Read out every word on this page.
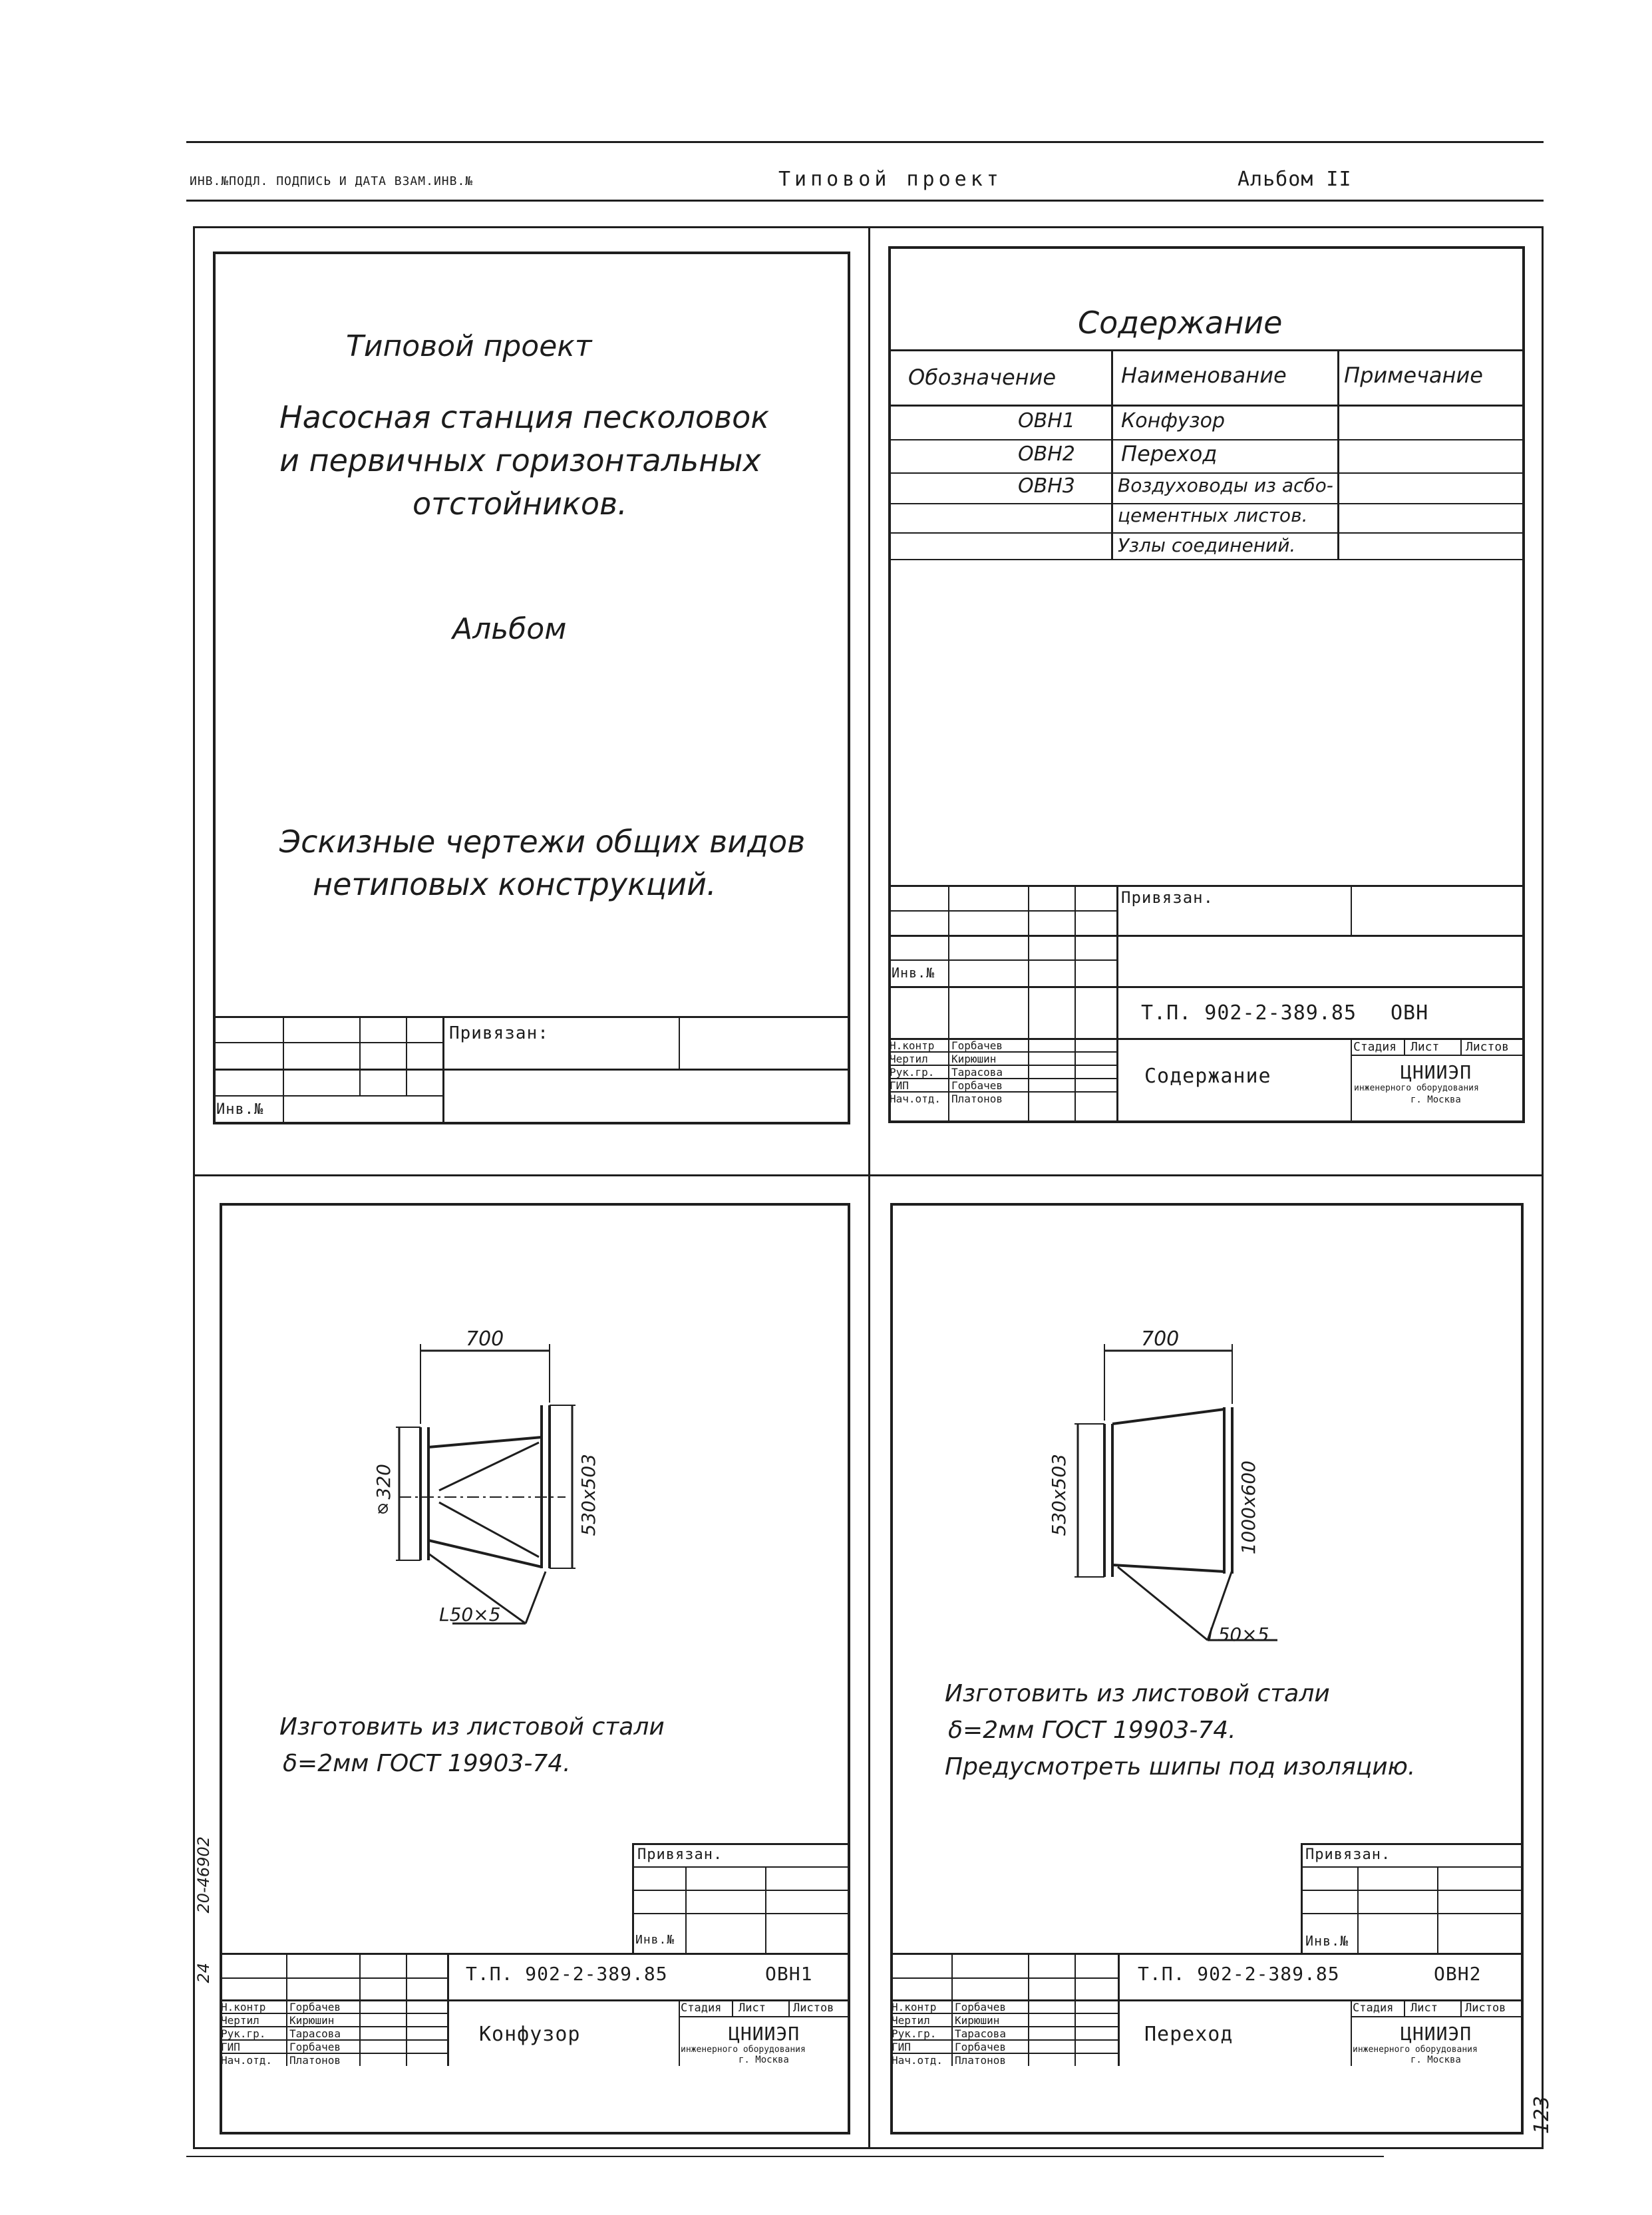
ИНВ.№ПОДЛ. ПОДПИСЬ И ДАТА ВЗАМ.ИНВ.№	Типовой проект	Альбом II
Типовой проект
Насосная станция песколовок
и первичных горизонтальных
отстойников.
Альбом
Эскизные чертежи общих видов
нетиповых конструкций.
Привязан:
Инв.№
Содержание
Обозначение	Наименование	Примечание
ОВН1 Конфузор
ОВН2 Переход
ОВН3 Воздуховоды из асбо-
цементных листов.
Узлы соединений.
Привязан.
Инв.№
Т.П. 902-2-389.85 ОВН
Содержание
Стадия Лист Листов
ЦНИИЭП
инженерного оборудования
г. Москва
Н.контр Горбачев
Чертил Кирюшин
Рук.гр. Тарасова
ГИП	Горбачев
Нач.отд. Платонов
700
⌀320	530х503
L50×5
Изготовить из листовой стали
δ=2мм ГОСТ 19903-74.
Привязан.
Инв.№
Т.П. 902-2-389.85	ОВН1
Конфузор
Стадия Лист Листов
ЦНИИЭП
инженерного оборудования
г. Москва
Н.контр Горбачев
Чертил	Кирюшин
Рук.гр. Тарасова
ГИП	Горбачев
Нач.отд. Платонов
20-46902
24
700
530х503	1000х600
L50×5
Изготовить из листовой стали
δ=2мм ГОСТ 19903-74.
Предусмотреть шипы под изоляцию.
Привязан.
Инв.№
Т.П. 902-2-389.85	ОВН2
Переход
Стадия Лист Листов
ЦНИИЭП
инженерного оборудования
г. Москва
Н.контр Горбачев
Чертил Кирюшин
Рук.гр. Тарасова
ГИП	Горбачев
Нач.отд. Платонов
123
